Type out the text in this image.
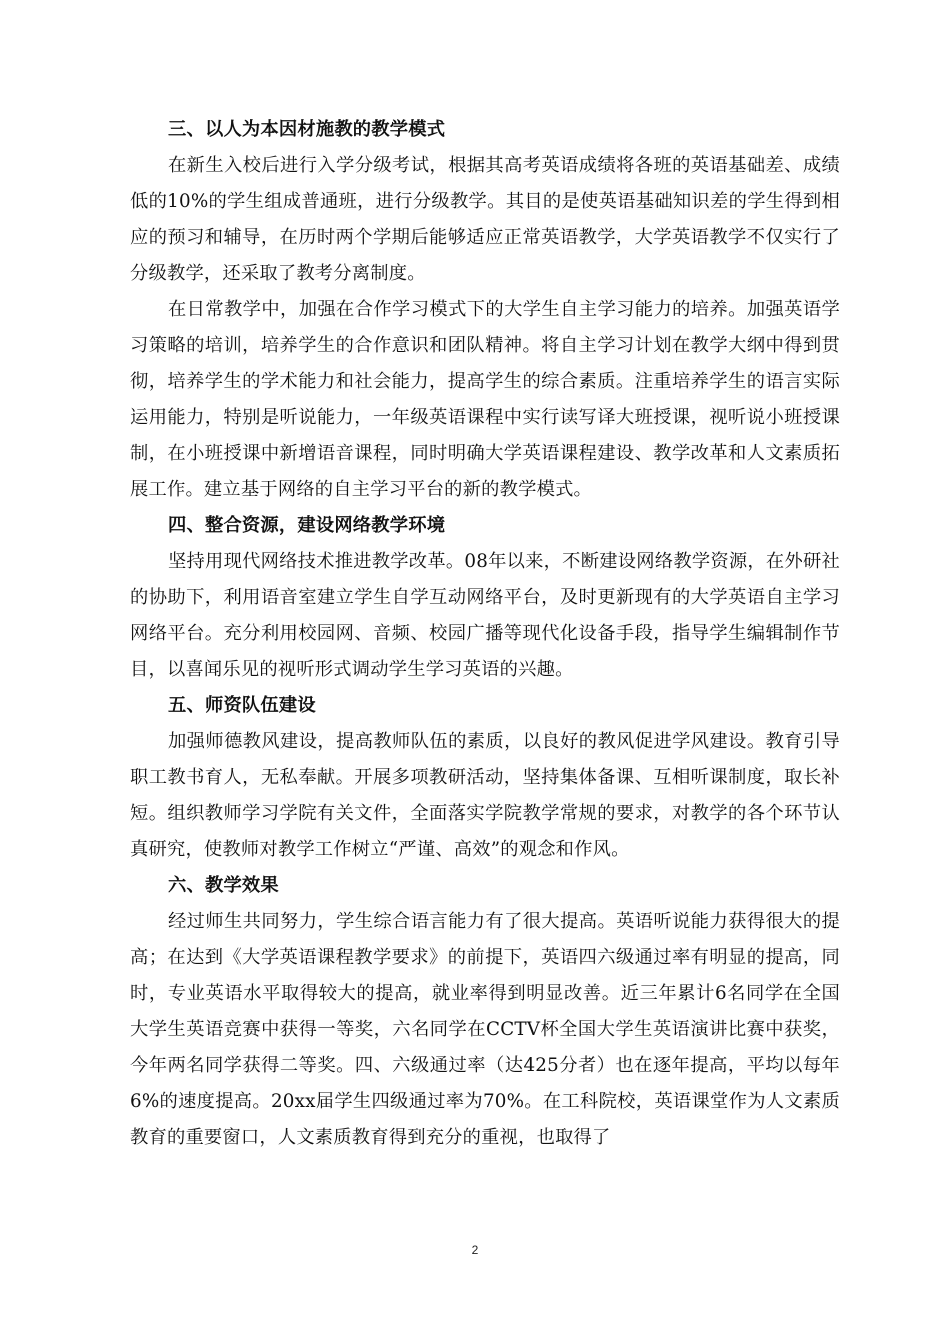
三、以人为本因材施教的教学模式

在新生入校后进行入学分级考试，根据其高考英语成绩将各班的英语基础差、成绩低的10%的学生组成普通班，进行分级教学。其目的是使英语基础知识差的学生得到相应的预习和辅导，在历时两个学期后能够适应正常英语教学，大学英语教学不仅实行了分级教学，还采取了教考分离制度。

在日常教学中，加强在合作学习模式下的大学生自主学习能力的培养。加强英语学习策略的培训，培养学生的合作意识和团队精神。将自主学习计划在教学大纲中得到贯彻，培养学生的学术能力和社会能力，提高学生的综合素质。注重培养学生的语言实际运用能力，特别是听说能力，一年级英语课程中实行读写译大班授课，视听说小班授课制，在小班授课中新增语音课程，同时明确大学英语课程建设、教学改革和人文素质拓展工作。建立基于网络的自主学习平台的新的教学模式。

四、整合资源，建设网络教学环境

坚持用现代网络技术推进教学改革。08年以来，不断建设网络教学资源，在外研社的协助下，利用语音室建立学生自学互动网络平台，及时更新现有的大学英语自主学习网络平台。充分利用校园网、音频、校园广播等现代化设备手段，指导学生编辑制作节目，以喜闻乐见的视听形式调动学生学习英语的兴趣。

五、师资队伍建设

加强师德教风建设，提高教师队伍的素质，以良好的教风促进学风建设。教育引导职工教书育人，无私奉献。开展多项教研活动，坚持集体备课、互相听课制度，取长补短。组织教师学习学院有关文件，全面落实学院教学常规的要求，对教学的各个环节认真研究，使教师对教学工作树立“严谨、高效”的观念和作风。

六、教学效果

经过师生共同努力，学生综合语言能力有了很大提高。英语听说能力获得很大的提高；在达到《大学英语课程教学要求》的前提下，英语四六级通过率有明显的提高，同时，专业英语水平取得较大的提高，就业率得到明显改善。近三年累计6名同学在全国大学生英语竞赛中获得一等奖，六名同学在CCTV杯全国大学生英语演讲比赛中获奖，今年两名同学获得二等奖。四、六级通过率（达425分者）也在逐年提高，平均以每年6%的速度提高。20xx届学生四级通过率为70%。在工科院校，英语课堂作为人文素质教育的重要窗口，人文素质教育得到充分的重视，也取得了

2
